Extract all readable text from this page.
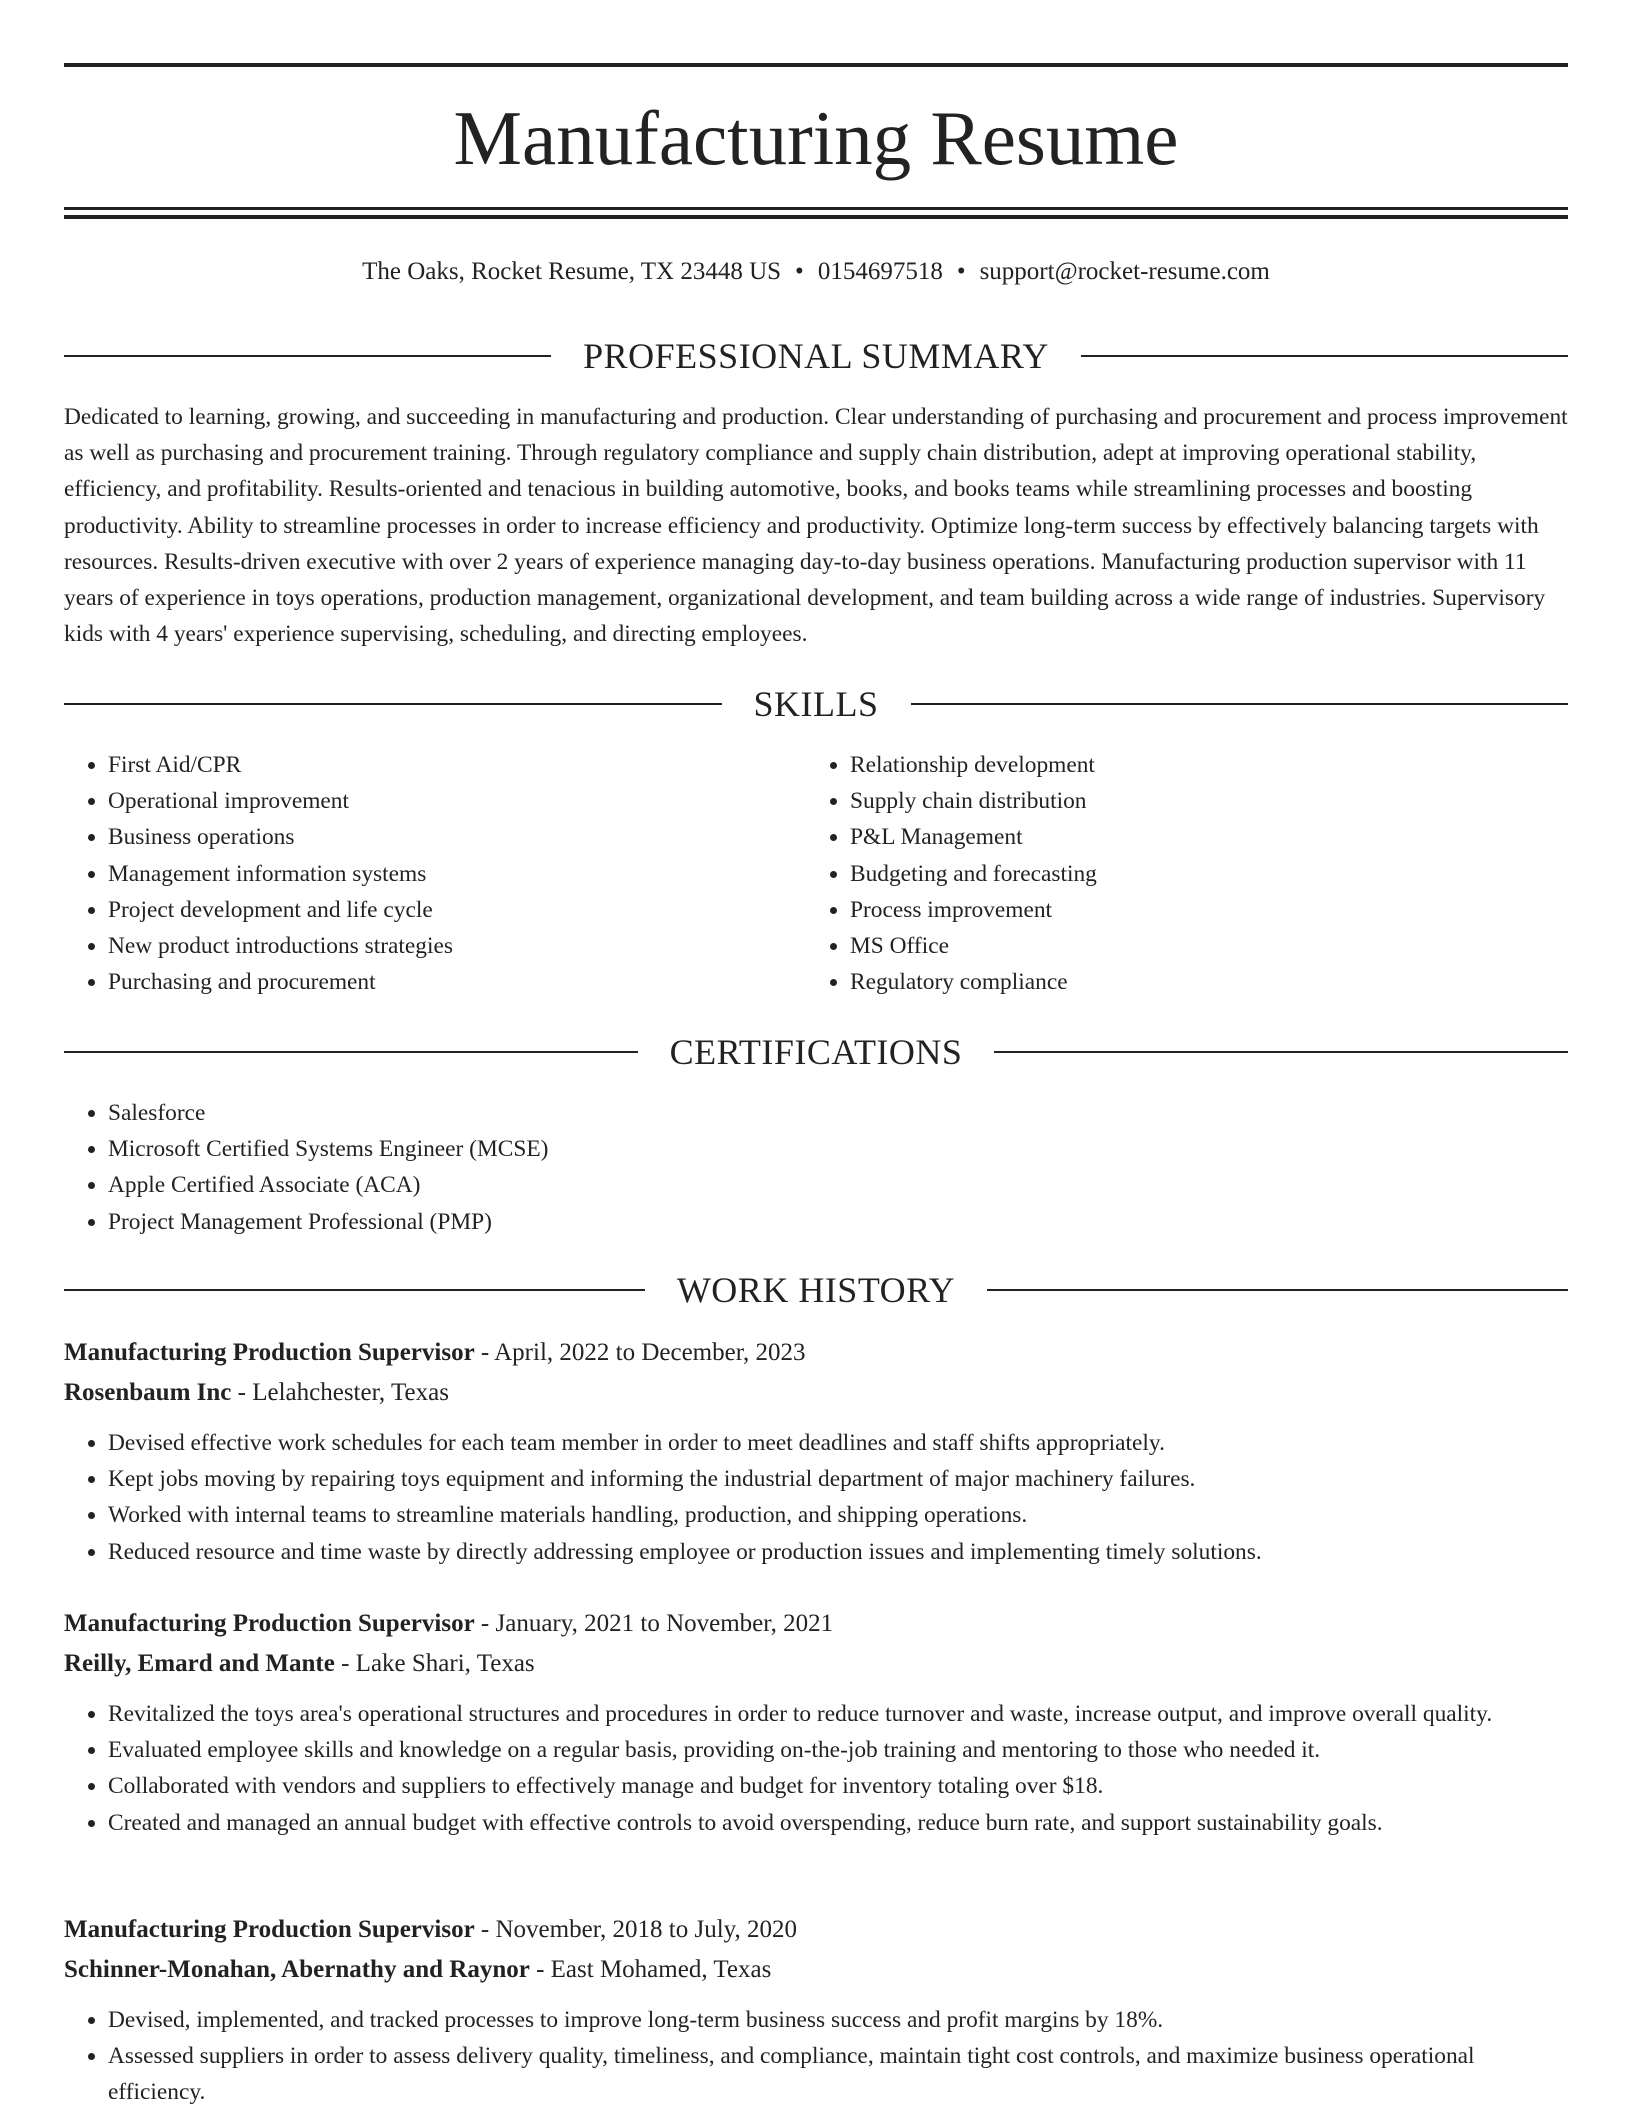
Manufacturing Resume
The Oaks, Rocket Resume, TX 23448 US • 0154697518 • support@rocket-resume.com
PROFESSIONAL SUMMARY

Dedicated to learning, growing, and succeeding in manufacturing and production. Clear understanding of purchasing and procurement and process improvement as well as purchasing and procurement training. Through regulatory compliance and supply chain distribution, adept at improving operational stability, efficiency, and profitability. Results-oriented and tenacious in building automotive, books, and books teams while streamlining processes and boosting productivity. Ability to streamline processes in order to increase efficiency and productivity. Optimize long-term success by effectively balancing targets with resources. Results-driven executive with over 2 years of experience managing day-to-day business operations. Manufacturing production supervisor with 11 years of experience in toys operations, production management, organizational development, and team building across a wide range of industries. Supervisory kids with 4 years' experience supervising, scheduling, and directing employees.

SKILLS
• First Aid/CPR
• Operational improvement
• Business operations
• Management information systems
• Project development and life cycle
• New product introductions strategies
• Purchasing and procurement
• Relationship development
• Supply chain distribution
• P&L Management
• Budgeting and forecasting
• Process improvement
• MS Office
• Regulatory compliance
CERTIFICATIONS
• Salesforce
• Microsoft Certified Systems Engineer (MCSE)
• Apple Certified Associate (ACA)
• Project Management Professional (PMP)
WORK HISTORY

Manufacturing Production Supervisor - April, 2022 to December, 2023

Rosenbaum Inc - Lelahchester, Texas

• Devised effective work schedules for each team member in order to meet deadlines and staff shifts appropriately.
• Kept jobs moving by repairing toys equipment and informing the industrial department of major machinery failures.
• Worked with internal teams to streamline materials handling, production, and shipping operations.
• Reduced resource and time waste by directly addressing employee or production issues and implementing timely solutions.

Manufacturing Production Supervisor - January, 2021 to November, 2021

Reilly, Emard and Mante - Lake Shari, Texas

• Revitalized the toys area's operational structures and procedures in order to reduce turnover and waste, increase output, and improve overall quality.
• Evaluated employee skills and knowledge on a regular basis, providing on-the-job training and mentoring to those who needed it.
• Collaborated with vendors and suppliers to effectively manage and budget for inventory totaling over $18.
• Created and managed an annual budget with effective controls to avoid overspending, reduce burn rate, and support sustainability goals.

Manufacturing Production Supervisor - November, 2018 to July, 2020

Schinner-Monahan, Abernathy and Raynor - East Mohamed, Texas

• Devised, implemented, and tracked processes to improve long-term business success and profit margins by 18%.
• Assessed suppliers in order to assess delivery quality, timeliness, and compliance, maintain tight cost controls, and maximize business operational efficiency.
